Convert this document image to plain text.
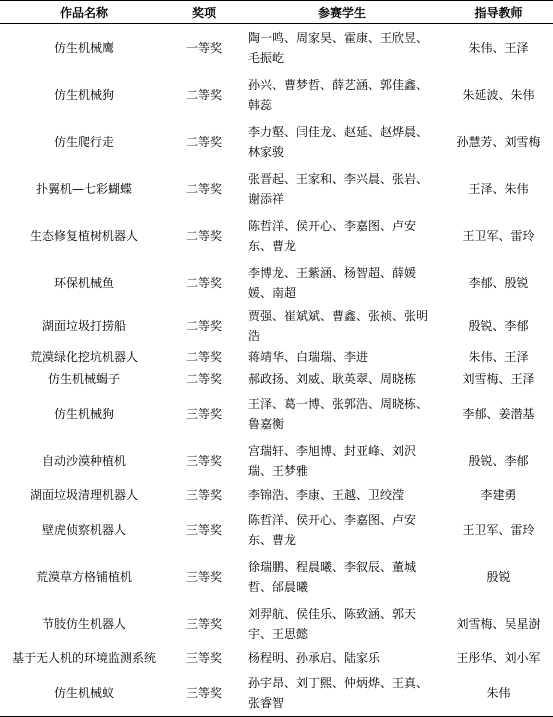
作品名称	奖项	参赛学生	指导教师
仿生机械鹰	一等奖	陶一鸣、周家昊、霍康、王欣昱、毛振屹	朱伟、王泽
仿生机械狗	二等奖	孙兴、曹梦哲、薛艺涵、郭佳鑫、韩蕊	朱延波、朱伟
仿生爬行走	二等奖	李力壑、闫佳龙、赵延、赵烨晨、林家骏	孙慧芳、刘雪梅
扑翼机—七彩蝴蝶	二等奖	张晋起、王家和、李兴晨、张岩、谢添祥	王泽、朱伟
生态修复植树机器人	二等奖	陈哲洋、侯开心、李嘉图、卢安东、曹龙	王卫军、雷玲
环保机械鱼	二等奖	李博龙、王紫涵、杨智超、薛媛媛、南超	李郁、殷锐
湖面垃圾打捞船	二等奖	贾强、崔斌斌、曹鑫、张祯、张明浩	殷锐、李郁
荒漠绿化挖坑机器人	二等奖	蒋靖华、白瑞瑞、李进	朱伟、王泽
仿生机械蝎子	二等奖	郝政扬、刘威、耿英翠、周晓栋	刘雪梅、王泽
仿生机械狗	三等奖	王泽、葛一博、张郭浩、周晓栋、鲁嘉衡	李郁、姜潜基
自动沙漠种植机	三等奖	宫瑞轩、李旭博、封亚峰、刘沢瑞、王梦雅	殷锐、李郁
湖面垃圾清理机器人	三等奖	李锦浩、李康、王越、卫绞滢	李建勇
壁虎侦察机器人	三等奖	陈哲洋、侯开心、李嘉图、卢安东、曹龙	王卫军、雷玲
荒漠草方格铺植机	三等奖	徐瑞鹏、程晨曦、李叙辰、董城哲、邰晨曦	殷锐
节肢仿生机器人	三等奖	刘羿航、侯佳乐、陈致涵、郭天宇、王思懿	刘雪梅、吴星澍
基于无人机的环境监测系统	三等奖	杨程明、孙承启、陆家乐	王彤华、刘小军
仿生机械蚁	三等奖	孙宇昂、刘丁熙、仲炳烨、王真、张睿智	朱伟
